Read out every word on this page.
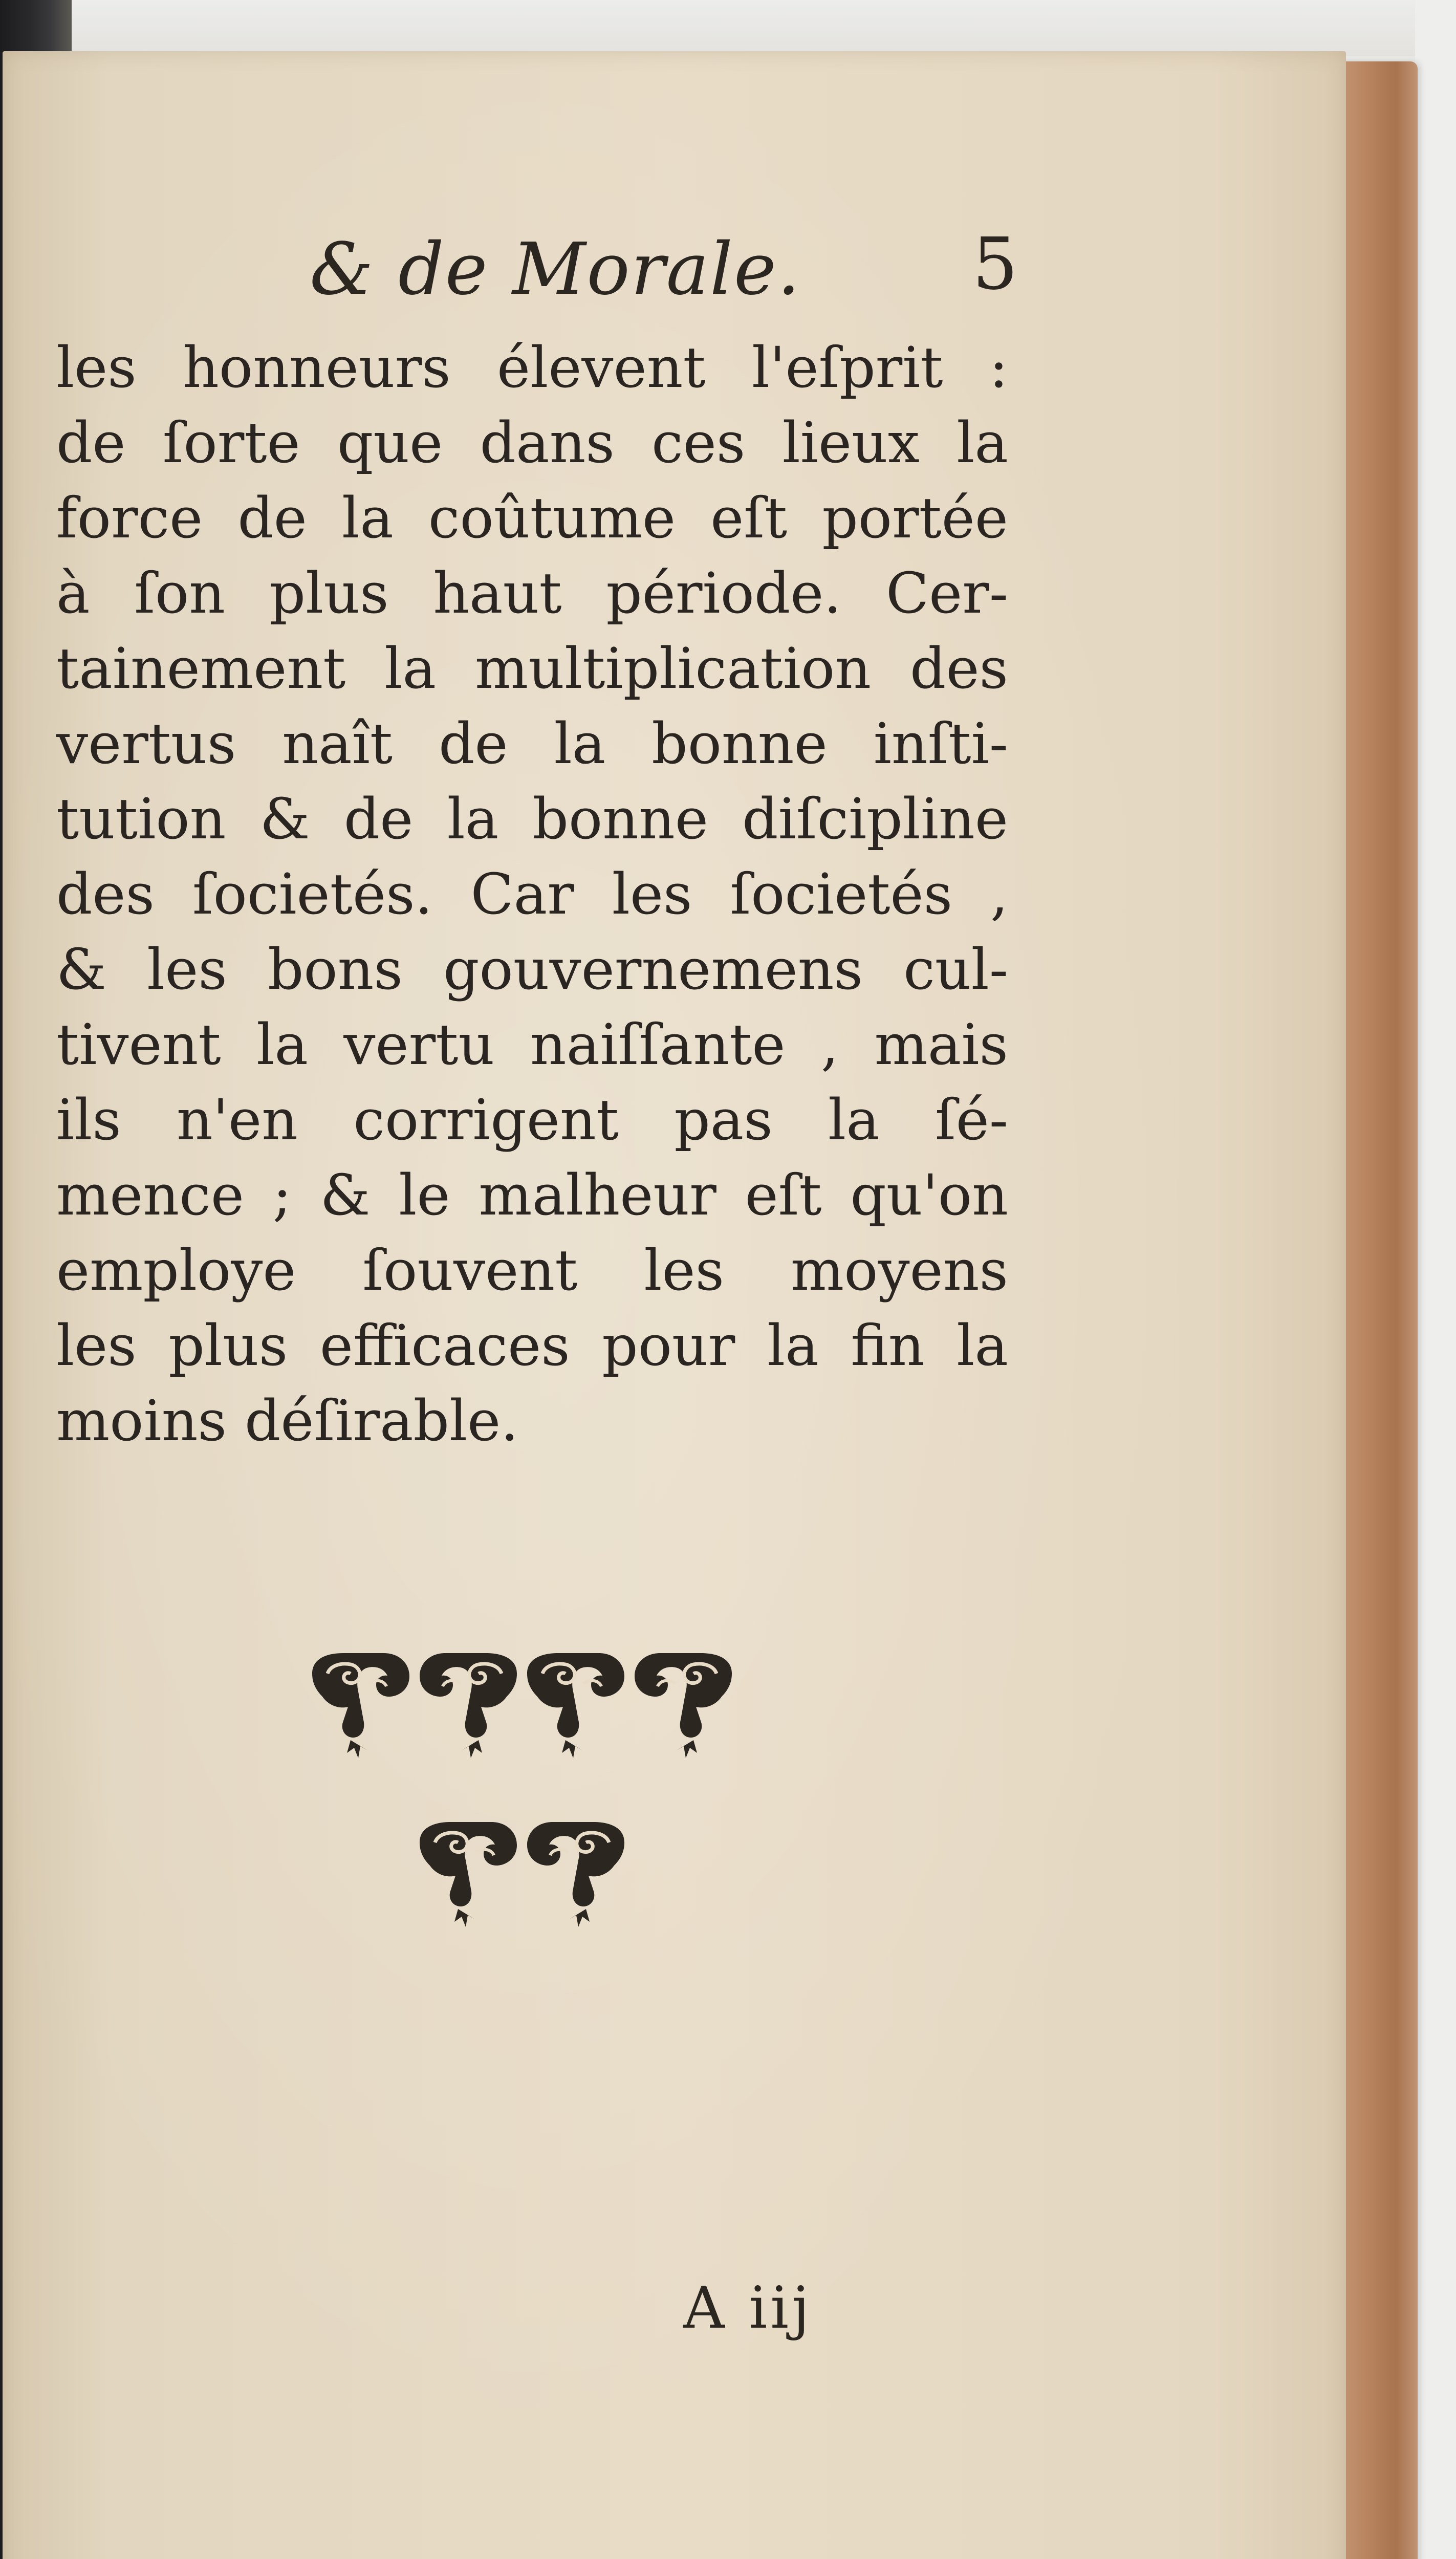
& de Morale. 5
les honneurs élevent l'eſprit :
de ſorte que dans ces lieux la
force de la coûtume eſt portée
à ſon plus haut période. Cer-
tainement la multiplication des
vertus naît de la bonne inſti-
tution & de la bonne diſcipline
des ſocietés. Car les ſocietés ,
& les bons gouvernemens cul-
tivent la vertu naiſſante , mais
ils n'en corrigent pas la ſé-
mence ; & le malheur eſt qu'on
employe ſouvent les moyens
les plus efficaces pour la fin la
moins déſirable.
A iij
